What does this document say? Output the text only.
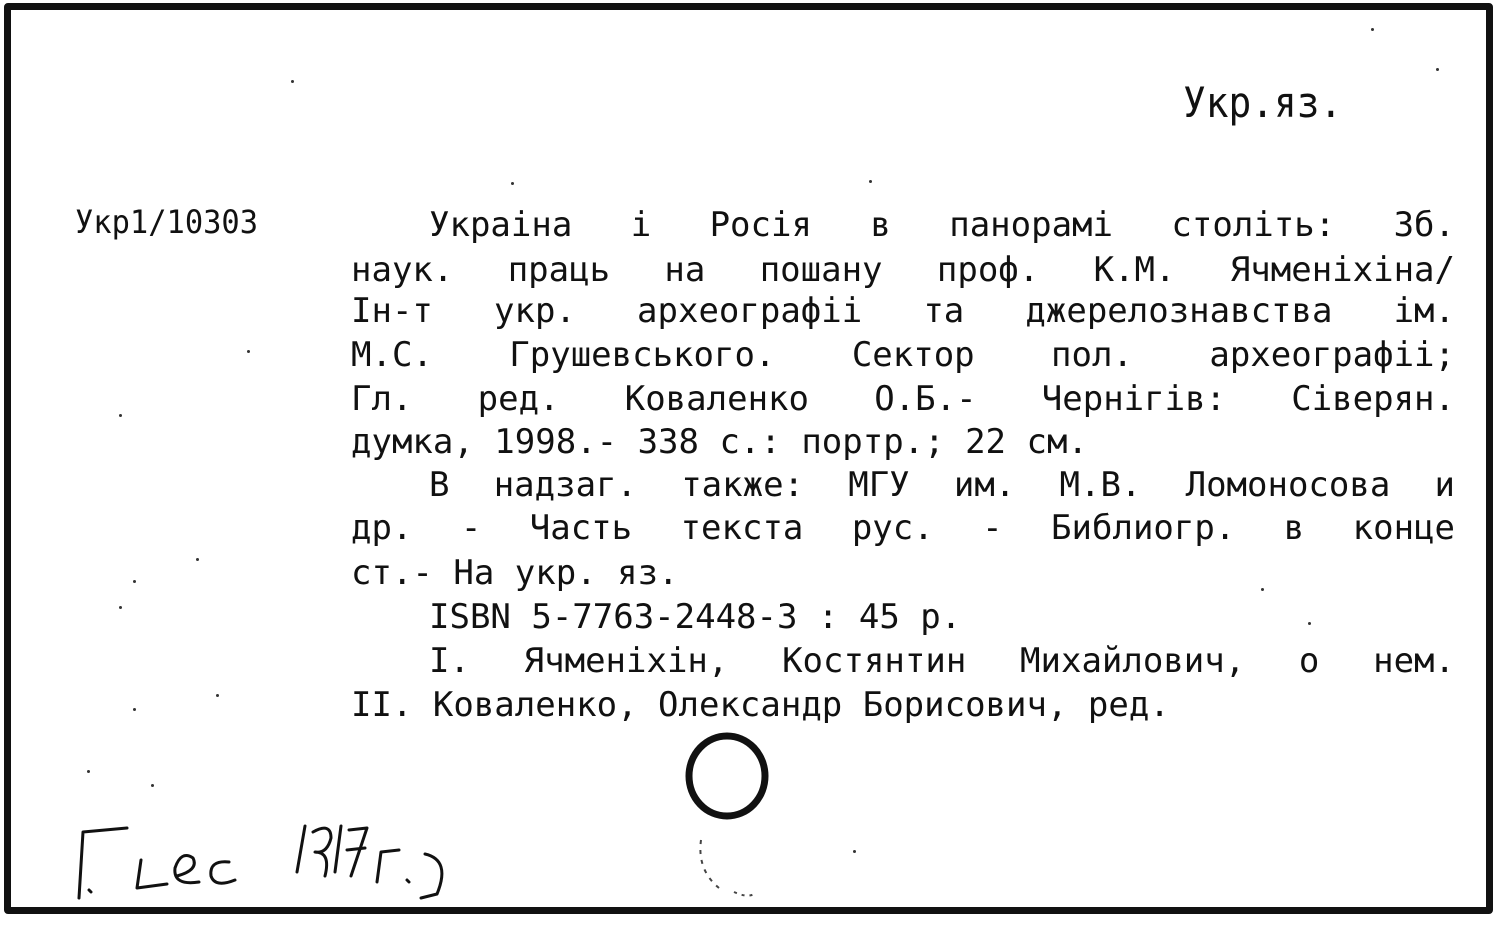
Укр.яз.
Укр1/10303	Украіна і Росія в панорамі століть: Зб.
наук. праць на пошану проф. К.М. Ячменіхіна/
Ін-т укр. археографіі та джерелознавства ім.
М.С. Грушевського. Сектор пол. археографіі;
Гл. ред. Коваленко О.Б.- Чернігів: Сіверян.
думка, 1998.- 338 с.: портр.; 22 см.
В надзаг. также: МГУ им. М.В. Ломоносова и
др. - Часть текста рус. - Библиогр. в конце
ст.- На укр. яз.
ISBN 5-7763-2448-3 : 45 р.
I. Ячменіхін, Костянтин Михайлович, о нем.
II. Коваленко, Олександр Борисович, ред.
